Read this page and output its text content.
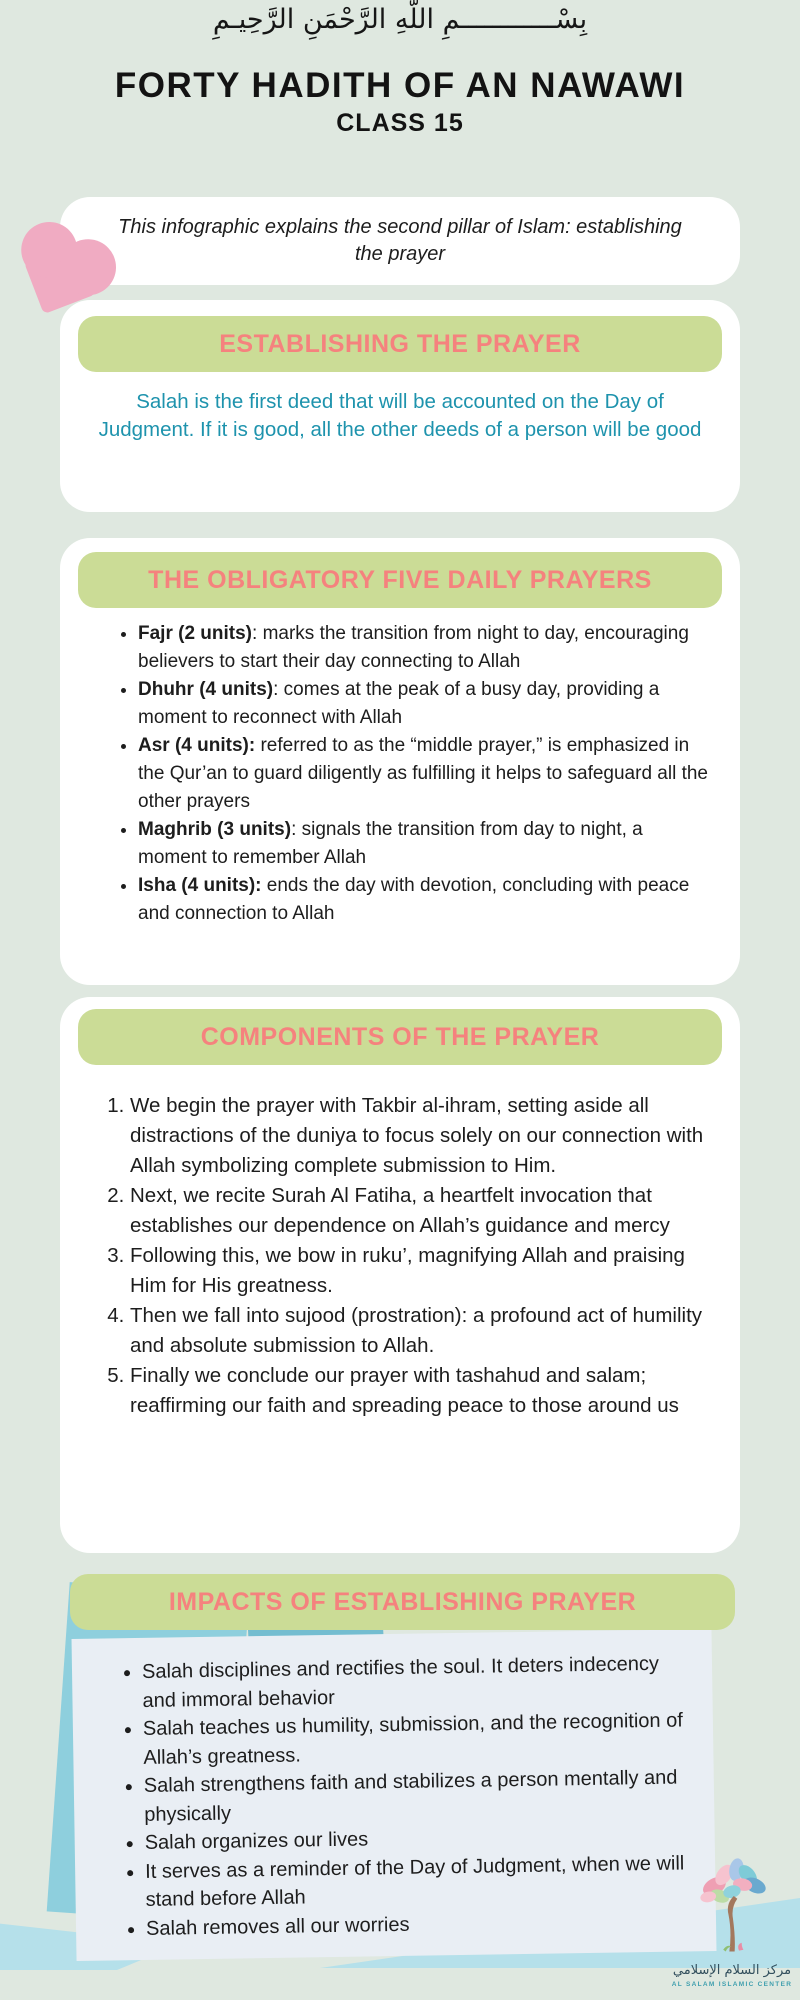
بِسْــــــــــــمِ اللَّهِ الرَّحْمَنِ الرَّحِيـمِ
FORTY HADITH OF AN NAWAWI
CLASS 15
This infographic explains the second pillar of Islam: establishing the prayer
ESTABLISHING THE PRAYER
Salah is the first deed that will be accounted on the Day of Judgment. If it is good, all the other deeds of a person will be good
THE OBLIGATORY FIVE DAILY PRAYERS
• Fajr (2 units): marks the transition from night to day, encouraging believers to start their day connecting to Allah
• Dhuhr (4 units): comes at the peak of a busy day, providing a moment to reconnect with Allah
• Asr (4 units): referred to as the “middle prayer,” is emphasized in the Qur’an to guard diligently as fulfilling it helps to safeguard all the other prayers
• Maghrib (3 units): signals the transition from day to night, a moment to remember Allah
• Isha (4 units): ends the day with devotion, concluding with peace and connection to Allah
COMPONENTS OF THE PRAYER
1. We begin the prayer with Takbir al-ihram, setting aside all distractions of the duniya to focus solely on our connection with Allah symbolizing complete submission to Him.
2. Next, we recite Surah Al Fatiha, a heartfelt invocation that establishes our dependence on Allah’s guidance and mercy
3. Following this, we bow in ruku’, magnifying Allah and praising Him for His greatness.
4. Then we fall into sujood (prostration): a profound act of humility and absolute submission to Allah.
5. Finally we conclude our prayer with tashahud and salam; reaffirming our faith and spreading peace to those around us
• Salah disciplines and rectifies the soul. It deters indecency and immoral behavior
• Salah teaches us humility, submission, and the recognition of Allah’s greatness.
• Salah strengthens faith and stabilizes a person mentally and physically
• Salah organizes our lives
• It serves as a reminder of the Day of Judgment, when we will stand before Allah
• Salah removes all our worries
IMPACTS OF ESTABLISHING PRAYER
مركز السلام الإسلامي
AL SALAM ISLAMIC CENTER
